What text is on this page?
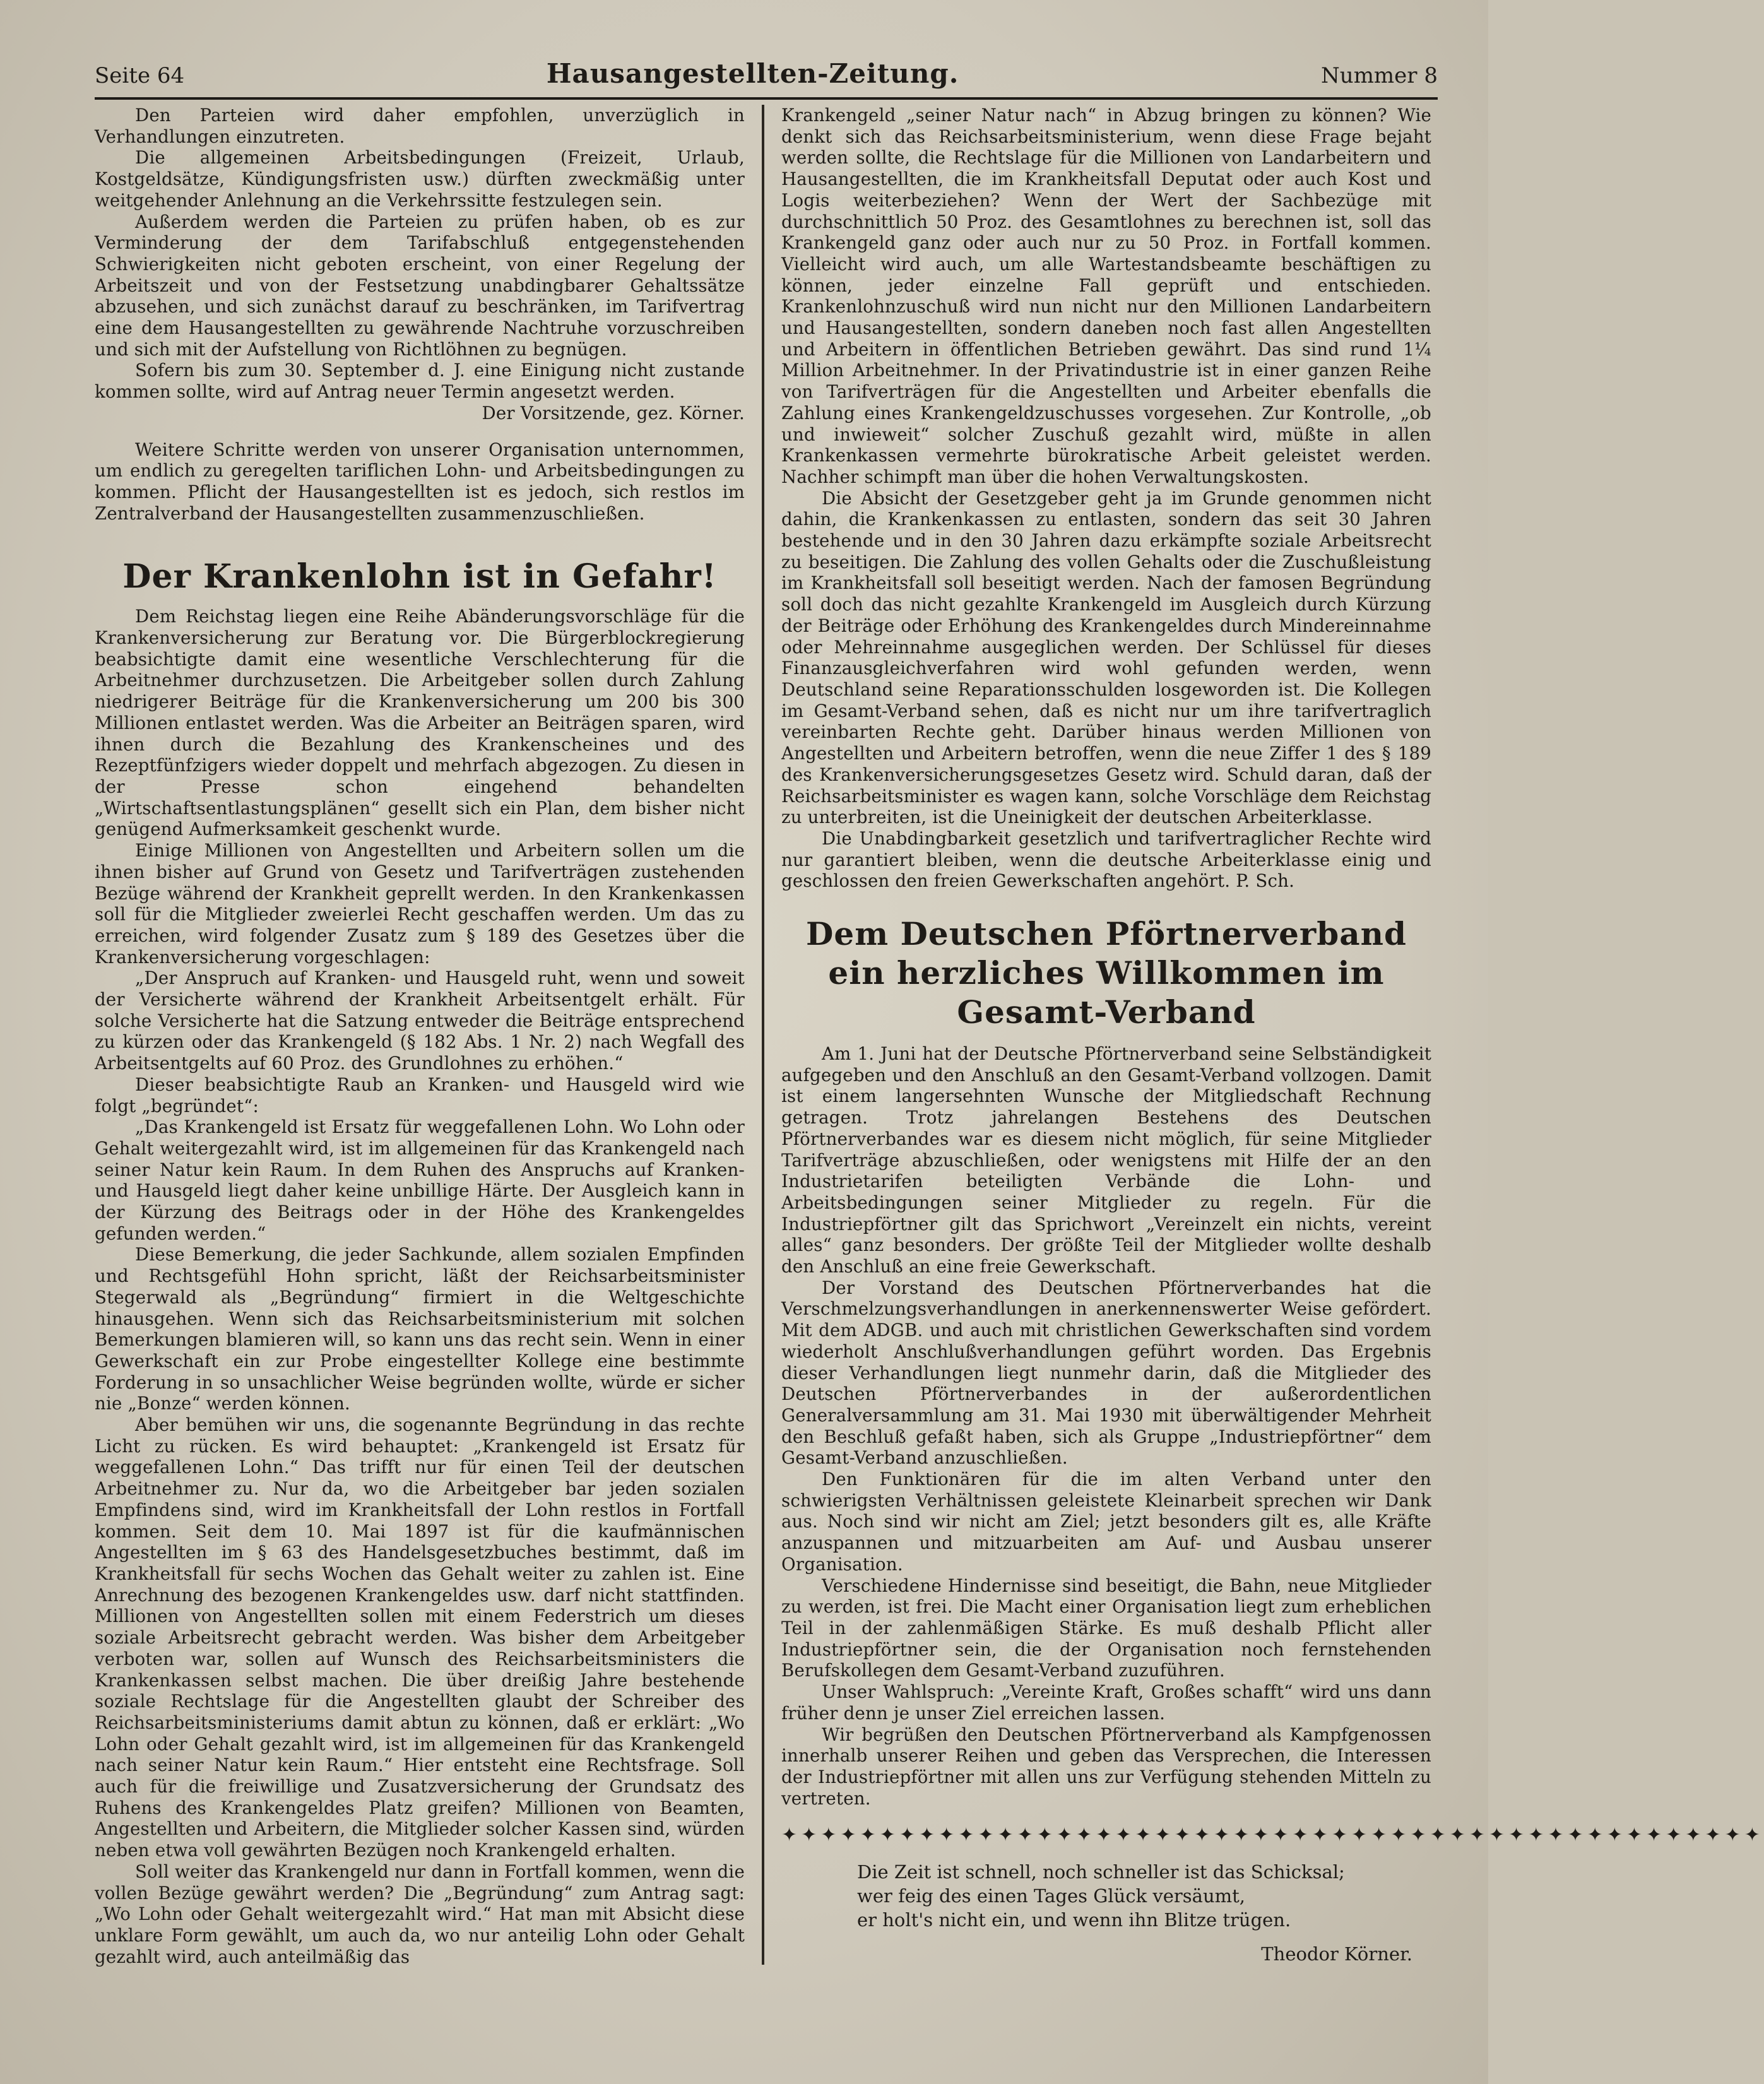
Seite 64	Hausangestellten-Zeitung.	Nummer 8

Den Parteien wird daher empfohlen, unverzüglich in Verhandlungen einzutreten.

Die allgemeinen Arbeitsbedingungen (Freizeit, Urlaub, Kostgeldsätze, Kündigungsfristen usw.) dürften zweckmäßig unter weitgehender Anlehnung an die Verkehrssitte festzulegen sein.

Außerdem werden die Parteien zu prüfen haben, ob es zur Verminderung der dem Tarifabschluß entgegenstehenden Schwierigkeiten nicht geboten erscheint, von einer Regelung der Arbeitszeit und von der Festsetzung unabdingbarer Gehaltssätze abzusehen, und sich zunächst darauf zu beschränken, im Tarifvertrag eine dem Hausangestellten zu gewährende Nachtruhe vorzuschreiben und sich mit der Aufstellung von Richtlöhnen zu begnügen.

Sofern bis zum 30. September d. J. eine Einigung nicht zustande kommen sollte, wird auf Antrag neuer Termin angesetzt werden.

Der Vorsitzende, gez. Körner.

Weitere Schritte werden von unserer Organisation unternommen, um endlich zu geregelten tariflichen Lohn- und Arbeitsbedingungen zu kommen. Pflicht der Hausangestellten ist es jedoch, sich restlos im Zentralverband der Hausangestellten zusammenzuschließen.

Der Krankenlohn ist in Gefahr!

Dem Reichstag liegen eine Reihe Abänderungsvorschläge für die Krankenversicherung zur Beratung vor. Die Bürgerblockregierung beabsichtigte damit eine wesentliche Verschlechterung für die Arbeitnehmer durchzusetzen. Die Arbeitgeber sollen durch Zahlung niedrigerer Beiträge für die Krankenversicherung um 200 bis 300 Millionen entlastet werden. Was die Arbeiter an Beiträgen sparen, wird ihnen durch die Bezahlung des Krankenscheines und des Rezeptfünfzigers wieder doppelt und mehrfach abgezogen. Zu diesen in der Presse schon eingehend behandelten „Wirtschaftsentlastungsplänen“ gesellt sich ein Plan, dem bisher nicht genügend Aufmerksamkeit geschenkt wurde.

Einige Millionen von Angestellten und Arbeitern sollen um die ihnen bisher auf Grund von Gesetz und Tarifverträgen zustehenden Bezüge während der Krankheit geprellt werden. In den Krankenkassen soll für die Mitglieder zweierlei Recht geschaffen werden. Um das zu erreichen, wird folgender Zusatz zum § 189 des Gesetzes über die Krankenversicherung vorgeschlagen:

„Der Anspruch auf Kranken- und Hausgeld ruht, wenn und soweit der Versicherte während der Krankheit Arbeitsentgelt erhält. Für solche Versicherte hat die Satzung entweder die Beiträge entsprechend zu kürzen oder das Krankengeld (§ 182 Abs. 1 Nr. 2) nach Wegfall des Arbeitsentgelts auf 60 Proz. des Grundlohnes zu erhöhen.“

Dieser beabsichtigte Raub an Kranken- und Hausgeld wird wie folgt „begründet“:

„Das Krankengeld ist Ersatz für weggefallenen Lohn. Wo Lohn oder Gehalt weitergezahlt wird, ist im allgemeinen für das Krankengeld nach seiner Natur kein Raum. In dem Ruhen des Anspruchs auf Kranken- und Hausgeld liegt daher keine unbillige Härte. Der Ausgleich kann in der Kürzung des Beitrags oder in der Höhe des Krankengeldes gefunden werden.“

Diese Bemerkung, die jeder Sachkunde, allem sozialen Empfinden und Rechtsgefühl Hohn spricht, läßt der Reichsarbeitsminister Stegerwald als „Begründung“ firmiert in die Weltgeschichte hinausgehen. Wenn sich das Reichsarbeitsministerium mit solchen Bemerkungen blamieren will, so kann uns das recht sein. Wenn in einer Gewerkschaft ein zur Probe eingestellter Kollege eine bestimmte Forderung in so unsachlicher Weise begründen wollte, würde er sicher nie „Bonze“ werden können.

Aber bemühen wir uns, die sogenannte Begründung in das rechte Licht zu rücken. Es wird behauptet: „Krankengeld ist Ersatz für weggefallenen Lohn.“ Das trifft nur für einen Teil der deutschen Arbeitnehmer zu. Nur da, wo die Arbeitgeber bar jeden sozialen Empfindens sind, wird im Krankheitsfall der Lohn restlos in Fortfall kommen. Seit dem 10. Mai 1897 ist für die kaufmännischen Angestellten im § 63 des Handelsgesetzbuches bestimmt, daß im Krankheitsfall für sechs Wochen das Gehalt weiter zu zahlen ist. Eine Anrechnung des bezogenen Krankengeldes usw. darf nicht stattfinden. Millionen von Angestellten sollen mit einem Federstrich um dieses soziale Arbeitsrecht gebracht werden. Was bisher dem Arbeitgeber verboten war, sollen auf Wunsch des Reichsarbeitsministers die Krankenkassen selbst machen. Die über dreißig Jahre bestehende soziale Rechtslage für die Angestellten glaubt der Schreiber des Reichsarbeitsministeriums damit abtun zu können, daß er erklärt: „Wo Lohn oder Gehalt gezahlt wird, ist im allgemeinen für das Krankengeld nach seiner Natur kein Raum.“ Hier entsteht eine Rechtsfrage. Soll auch für die freiwillige und Zusatzversicherung der Grundsatz des Ruhens des Krankengeldes Platz greifen? Millionen von Beamten, Angestellten und Arbeitern, die Mitglieder solcher Kassen sind, würden neben etwa voll gewährten Bezügen noch Krankengeld erhalten.

Soll weiter das Krankengeld nur dann in Fortfall kommen, wenn die vollen Bezüge gewährt werden? Die „Begründung“ zum Antrag sagt: „Wo Lohn oder Gehalt weitergezahlt wird.“ Hat man mit Absicht diese unklare Form gewählt, um auch da, wo nur anteilig Lohn oder Gehalt gezahlt wird, auch anteilmäßig das

Krankengeld „seiner Natur nach“ in Abzug bringen zu können? Wie denkt sich das Reichsarbeitsministerium, wenn diese Frage bejaht werden sollte, die Rechtslage für die Millionen von Landarbeitern und Hausangestellten, die im Krankheitsfall Deputat oder auch Kost und Logis weiterbeziehen? Wenn der Wert der Sachbezüge mit durchschnittlich 50 Proz. des Gesamtlohnes zu berechnen ist, soll das Krankengeld ganz oder auch nur zu 50 Proz. in Fortfall kommen. Vielleicht wird auch, um alle Wartestandsbeamte beschäftigen zu können, jeder einzelne Fall geprüft und entschieden. Krankenlohnzuschuß wird nun nicht nur den Millionen Landarbeitern und Hausangestellten, sondern daneben noch fast allen Angestellten und Arbeitern in öffentlichen Betrieben gewährt. Das sind rund 1¼ Million Arbeitnehmer. In der Privatindustrie ist in einer ganzen Reihe von Tarifverträgen für die Angestellten und Arbeiter ebenfalls die Zahlung eines Krankengeldzuschusses vorgesehen. Zur Kontrolle, „ob und inwieweit“ solcher Zuschuß gezahlt wird, müßte in allen Krankenkassen vermehrte bürokratische Arbeit geleistet werden. Nachher schimpft man über die hohen Verwaltungskosten.

Die Absicht der Gesetzgeber geht ja im Grunde genommen nicht dahin, die Krankenkassen zu entlasten, sondern das seit 30 Jahren bestehende und in den 30 Jahren dazu erkämpfte soziale Arbeitsrecht zu beseitigen. Die Zahlung des vollen Gehalts oder die Zuschußleistung im Krankheitsfall soll beseitigt werden. Nach der famosen Begründung soll doch das nicht gezahlte Krankengeld im Ausgleich durch Kürzung der Beiträge oder Erhöhung des Krankengeldes durch Mindereinnahme oder Mehreinnahme ausgeglichen werden. Der Schlüssel für dieses Finanzausgleichverfahren wird wohl gefunden werden, wenn Deutschland seine Reparationsschulden losgeworden ist. Die Kollegen im Gesamt-Verband sehen, daß es nicht nur um ihre tarifvertraglich vereinbarten Rechte geht. Darüber hinaus werden Millionen von Angestellten und Arbeitern betroffen, wenn die neue Ziffer 1 des § 189 des Krankenversicherungsgesetzes Gesetz wird. Schuld daran, daß der Reichsarbeitsminister es wagen kann, solche Vorschläge dem Reichstag zu unterbreiten, ist die Uneinigkeit der deutschen Arbeiterklasse.

Die Unabdingbarkeit gesetzlich und tarifvertraglicher Rechte wird nur garantiert bleiben, wenn die deutsche Arbeiterklasse einig und geschlossen den freien Gewerkschaften angehört. P. Sch.

Dem Deutschen Pförtnerverband ein herzliches Willkommen im Gesamt-Verband

Am 1. Juni hat der Deutsche Pförtnerverband seine Selbständigkeit aufgegeben und den Anschluß an den Gesamt-Verband vollzogen. Damit ist einem langersehnten Wunsche der Mitgliedschaft Rechnung getragen. Trotz jahrelangen Bestehens des Deutschen Pförtnerverbandes war es diesem nicht möglich, für seine Mitglieder Tarifverträge abzuschließen, oder wenigstens mit Hilfe der an den Industrietarifen beteiligten Verbände die Lohn- und Arbeitsbedingungen seiner Mitglieder zu regeln. Für die Industriepförtner gilt das Sprichwort „Vereinzelt ein nichts, vereint alles“ ganz besonders. Der größte Teil der Mitglieder wollte deshalb den Anschluß an eine freie Gewerkschaft.

Der Vorstand des Deutschen Pförtnerverbandes hat die Verschmelzungsverhandlungen in anerkennenswerter Weise gefördert. Mit dem ADGB. und auch mit christlichen Gewerkschaften sind vordem wiederholt Anschlußverhandlungen geführt worden. Das Ergebnis dieser Verhandlungen liegt nunmehr darin, daß die Mitglieder des Deutschen Pförtnerverbandes in der außerordentlichen Generalversammlung am 31. Mai 1930 mit überwältigender Mehrheit den Beschluß gefaßt haben, sich als Gruppe „Industriepförtner“ dem Gesamt-Verband anzuschließen.

Den Funktionären für die im alten Verband unter den schwierigsten Verhältnissen geleistete Kleinarbeit sprechen wir Dank aus. Noch sind wir nicht am Ziel; jetzt besonders gilt es, alle Kräfte anzuspannen und mitzuarbeiten am Auf- und Ausbau unserer Organisation.

Verschiedene Hindernisse sind beseitigt, die Bahn, neue Mitglieder zu werden, ist frei. Die Macht einer Organisation liegt zum erheblichen Teil in der zahlenmäßigen Stärke. Es muß deshalb Pflicht aller Industriepförtner sein, die der Organisation noch fernstehenden Berufskollegen dem Gesamt-Verband zuzuführen.

Unser Wahlspruch: „Vereinte Kraft, Großes schafft“ wird uns dann früher denn je unser Ziel erreichen lassen.

Wir begrüßen den Deutschen Pförtnerverband als Kampfgenossen innerhalb unserer Reihen und geben das Versprechen, die Interessen der Industriepförtner mit allen uns zur Verfügung stehenden Mitteln zu vertreten.

✦✦✦✦✦✦✦✦✦✦✦✦✦✦✦✦✦✦✦✦✦✦✦✦✦✦✦✦✦✦✦✦✦✦✦✦✦✦✦✦✦✦✦✦✦✦✦✦✦✦
Die Zeit ist schnell, noch schneller ist das Schicksal;
wer feig des einen Tages Glück versäumt,
er holt's nicht ein, und wenn ihn Blitze trügen.
Theodor Körner.
